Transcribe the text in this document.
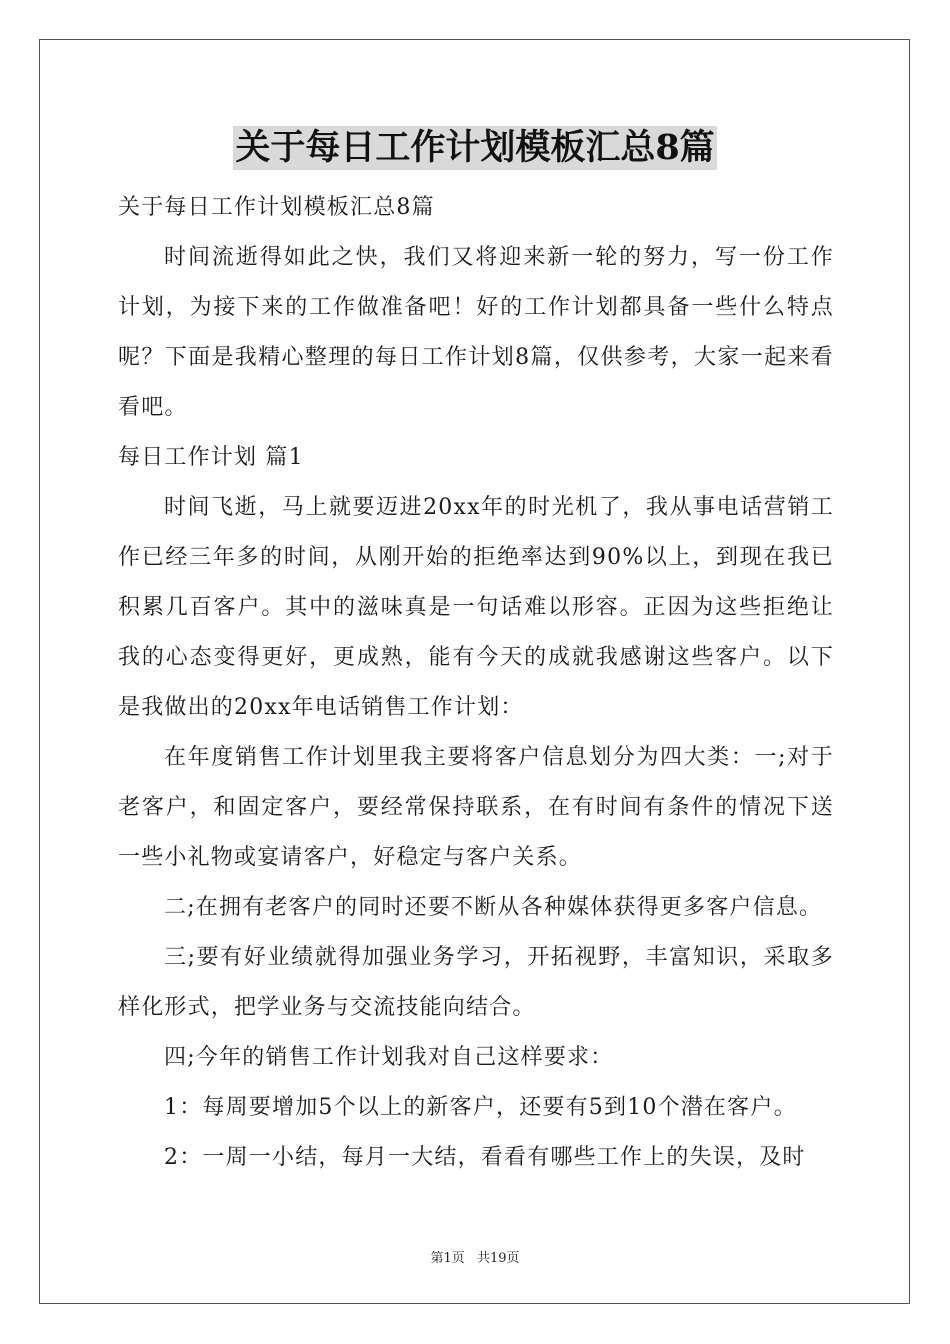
关于每日工作计划模板汇总8篇

关于每日工作计划模板汇总8篇

时间流逝得如此之快，我们又将迎来新一轮的努力，写一份工作计划，为接下来的工作做准备吧！好的工作计划都具备一些什么特点呢？下面是我精心整理的每日工作计划8篇，仅供参考，大家一起来看看吧。

每日工作计划 篇1

时间飞逝，马上就要迈进20xx年的时光机了，我从事电话营销工作已经三年多的时间，从刚开始的拒绝率达到90%以上，到现在我已积累几百客户。其中的滋味真是一句话难以形容。正因为这些拒绝让我的心态变得更好，更成熟，能有今天的成就我感谢这些客户。以下是我做出的20xx年电话销售工作计划：

在年度销售工作计划里我主要将客户信息划分为四大类：一;对于老客户，和固定客户，要经常保持联系，在有时间有条件的情况下送一些小礼物或宴请客户，好稳定与客户关系。

二;在拥有老客户的同时还要不断从各种媒体获得更多客户信息。

三;要有好业绩就得加强业务学习，开拓视野，丰富知识，采取多样化形式，把学业务与交流技能向结合。

四;今年的销售工作计划我对自己这样要求：

1：每周要增加5个以上的新客户，还要有5到10个潜在客户。

2：一周一小结，每月一大结，看看有哪些工作上的失误，及时

第1页 共19页
